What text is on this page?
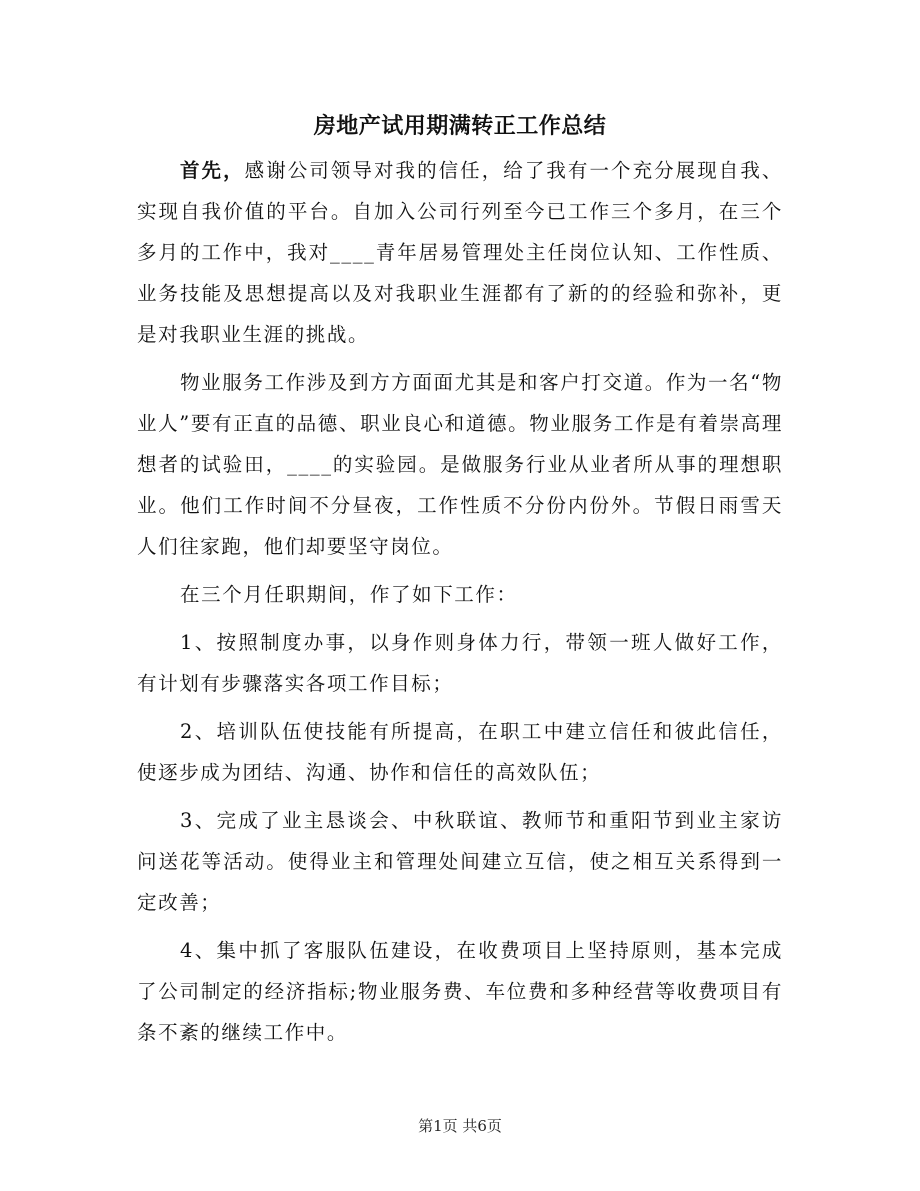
房地产试用期满转正工作总结

首先，感谢公司领导对我的信任，给了我有一个充分展现自我、实现自我价值的平台。自加入公司行列至今已工作三个多月，在三个多月的工作中，我对____青年居易管理处主任岗位认知、工作性质、业务技能及思想提高以及对我职业生涯都有了新的的经验和弥补，更是对我职业生涯的挑战。

物业服务工作涉及到方方面面尤其是和客户打交道。作为一名“物业人”要有正直的品德、职业良心和道德。物业服务工作是有着崇高理想者的试验田，____的实验园。是做服务行业从业者所从事的理想职业。他们工作时间不分昼夜，工作性质不分份内份外。节假日雨雪天人们往家跑，他们却要坚守岗位。

在三个月任职期间，作了如下工作：

1、按照制度办事，以身作则身体力行，带领一班人做好工作，有计划有步骤落实各项工作目标；

2、培训队伍使技能有所提高，在职工中建立信任和彼此信任，使逐步成为团结、沟通、协作和信任的高效队伍；

3、完成了业主恳谈会、中秋联谊、教师节和重阳节到业主家访问送花等活动。使得业主和管理处间建立互信，使之相互关系得到一定改善；

4、集中抓了客服队伍建设，在收费项目上坚持原则，基本完成了公司制定的经济指标;物业服务费、车位费和多种经营等收费项目有条不紊的继续工作中。

第1页 共6页
